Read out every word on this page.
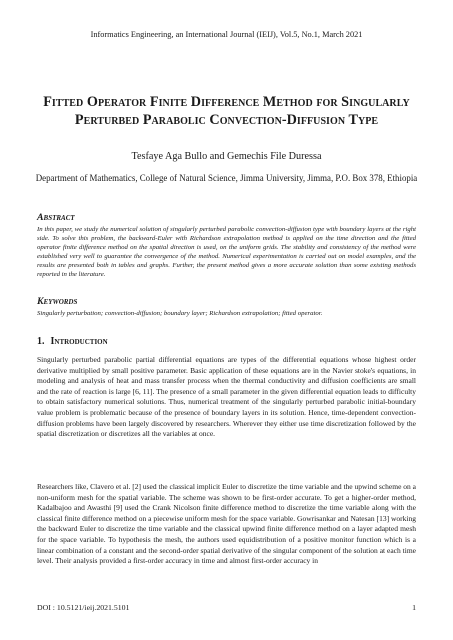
Informatics Engineering, an International Journal (IEIJ), Vol.5, No.1, March 2021
Fitted Operator Finite Difference Method for Singularly Perturbed Parabolic Convection-Diffusion Type
Tesfaye Aga Bullo and Gemechis File Duressa
Department of Mathematics, College of Natural Science, Jimma University, Jimma, P.O. Box 378, Ethiopia
Abstract
In this paper, we study the numerical solution of singularly perturbed parabolic convection-diffusion type with boundary layers at the right side. To solve this problem, the backward-Euler with Richardson extrapolation method is applied on the time direction and the fitted operator finite difference method on the spatial direction is used, on the uniform grids. The stability and consistency of the method were established very well to guarantee the convergence of the method. Numerical experimentation is carried out on model examples, and the results are presented both in tables and graphs. Further, the present method gives a more accurate solution than some existing methods reported in the literature.
Keywords
Singularly perturbation; convection-diffusion; boundary layer; Richardson extrapolation; fitted operator.
1. Introduction
Singularly perturbed parabolic partial differential equations are types of the differential equations whose highest order derivative multiplied by small positive parameter. Basic application of these equations are in the Navier stoke's equations, in modeling and analysis of heat and mass transfer process when the thermal conductivity and diffusion coefficients are small and the rate of reaction is large [6, 11]. The presence of a small parameter in the given differential equation leads to difficulty to obtain satisfactory numerical solutions. Thus, numerical treatment of the singularly perturbed parabolic initial-boundary value problem is problematic because of the presence of boundary layers in its solution. Hence, time-dependent convection-diffusion problems have been largely discovered by researchers. Wherever they either use time discretization followed by the spatial discretization or discretizes all the variables at once.
Researchers like, Clavero et al. [2] used the classical implicit Euler to discretize the time variable and the upwind scheme on a non-uniform mesh for the spatial variable. The scheme was shown to be first-order accurate. To get a higher-order method, Kadalbajoo and Awasthi [9] used the Crank Nicolson finite difference method to discretize the time variable along with the classical finite difference method on a piecewise uniform mesh for the space variable. Gowrisankar and Natesan [13] working the backward Euler to discretize the time variable and the classical upwind finite difference method on a layer adapted mesh for the space variable. To hypothesis the mesh, the authors used equidistribution of a positive monitor function which is a linear combination of a constant and the second-order spatial derivative of the singular component of the solution at each time level. Their analysis provided a first-order accuracy in time and almost first-order accuracy in
DOI : 10.5121/ieij.2021.5101	1
